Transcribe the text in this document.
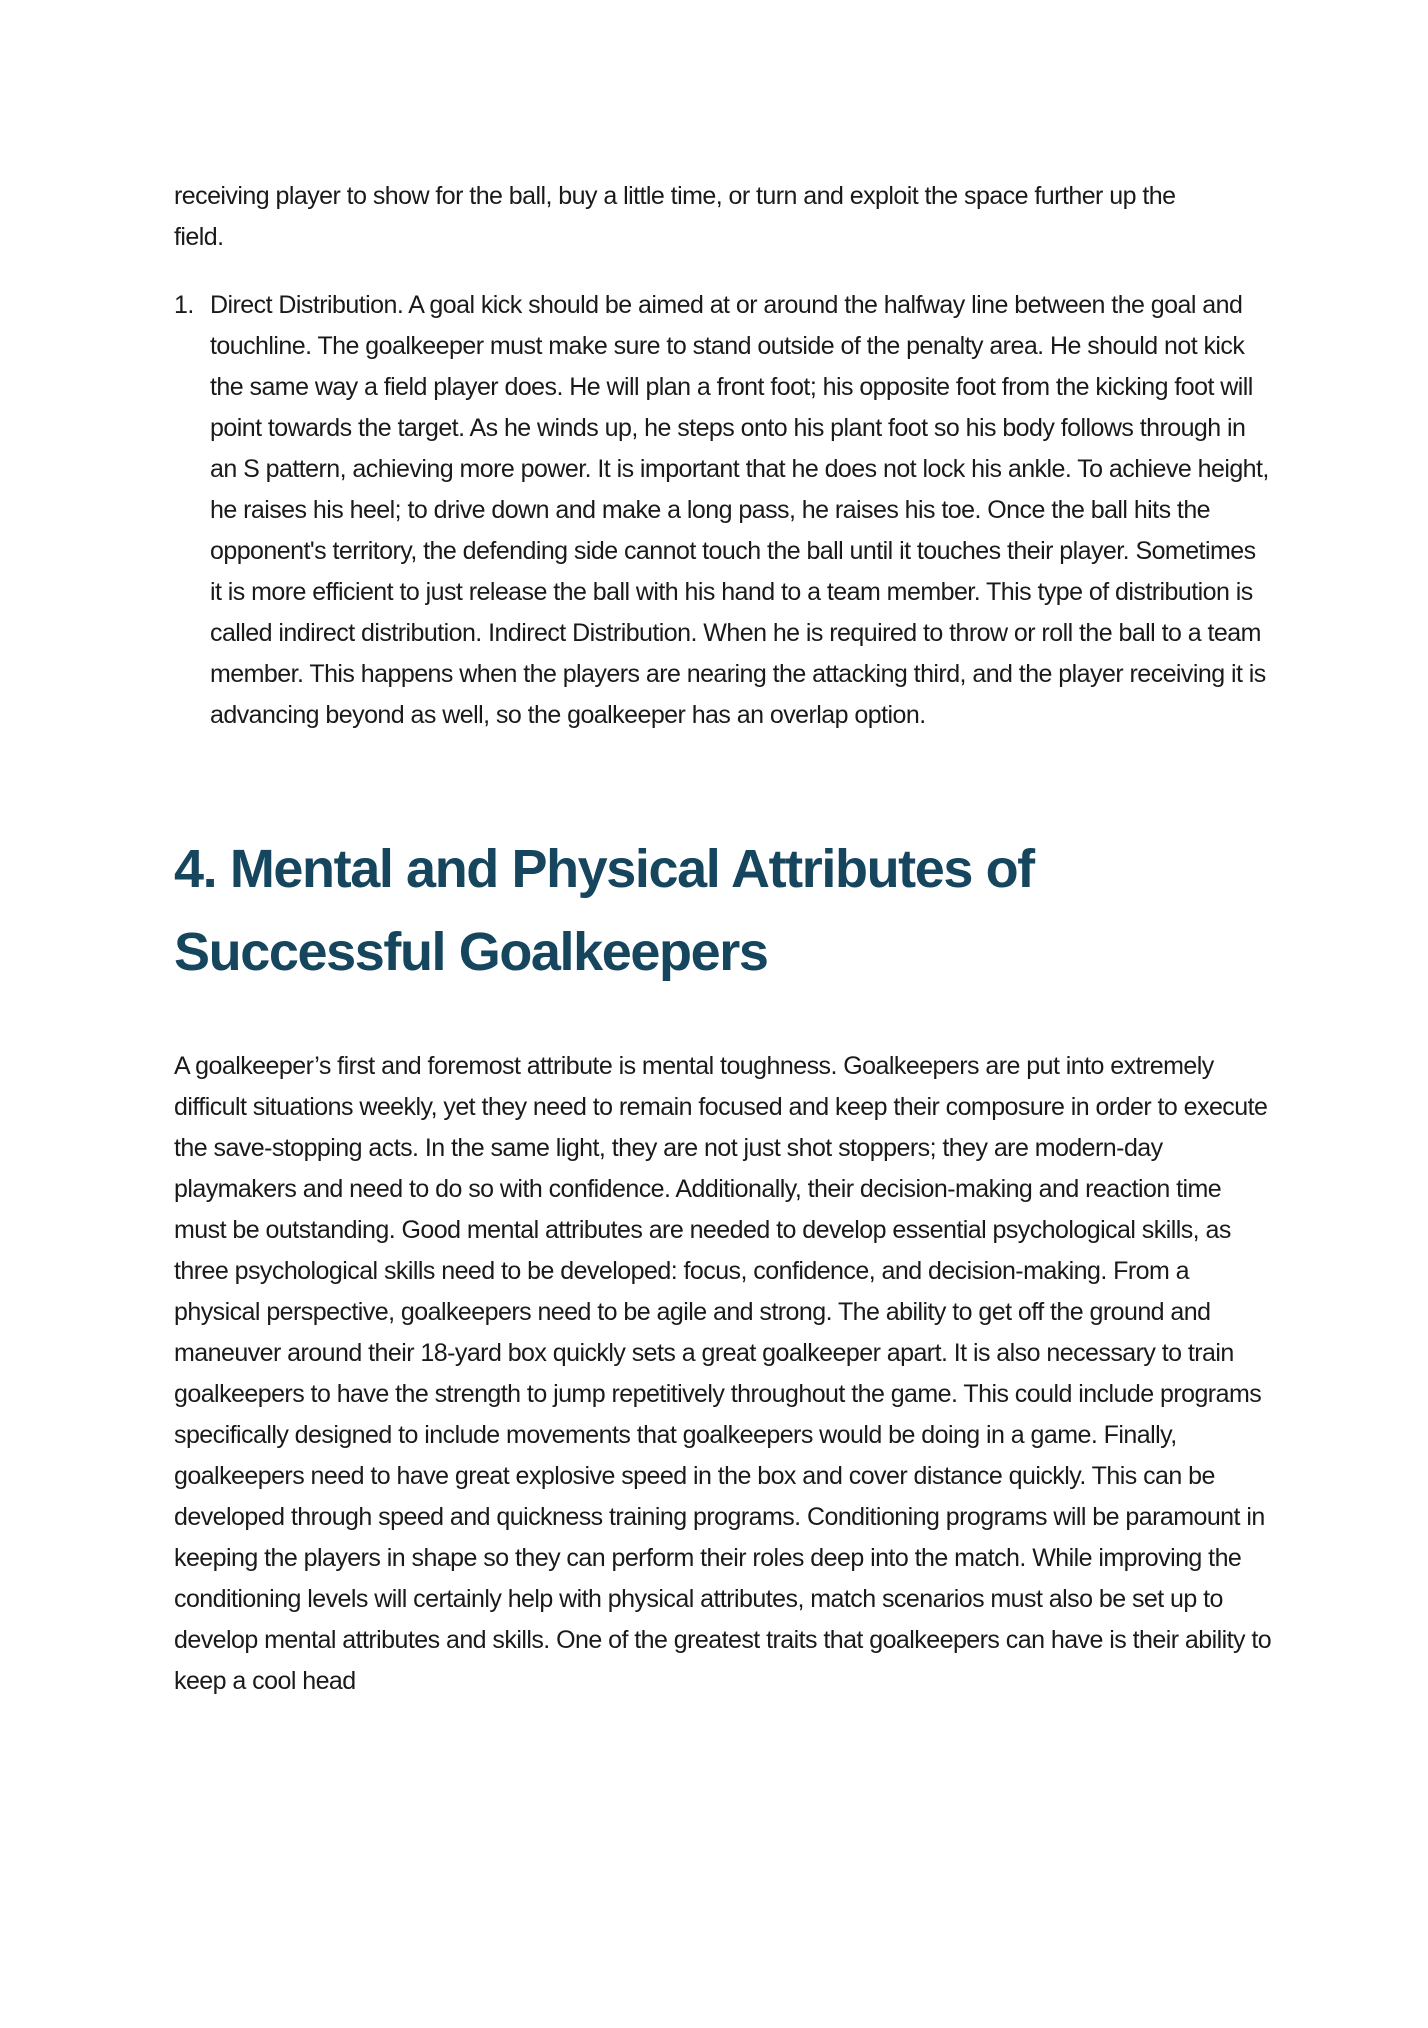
receiving player to show for the ball, buy a little time, or turn and exploit the space further up the field.

1. Direct Distribution. A goal kick should be aimed at or around the halfway line between the goal and touchline. The goalkeeper must make sure to stand outside of the penalty area. He should not kick the same way a field player does. He will plan a front foot; his opposite foot from the kicking foot will point towards the target. As he winds up, he steps onto his plant foot so his body follows through in an S pattern, achieving more power. It is important that he does not lock his ankle. To achieve height, he raises his heel; to drive down and make a long pass, he raises his toe. Once the ball hits the opponent's territory, the defending side cannot touch the ball until it touches their player. Sometimes it is more efficient to just release the ball with his hand to a team member. This type of distribution is called indirect distribution. Indirect Distribution. When he is required to throw or roll the ball to a team member. This happens when the players are nearing the attacking third, and the player receiving it is advancing beyond as well, so the goalkeeper has an overlap option.
4. Mental and Physical Attributes of Successful Goalkeepers

A goalkeeper’s first and foremost attribute is mental toughness. Goalkeepers are put into extremely difficult situations weekly, yet they need to remain focused and keep their composure in order to execute the save-stopping acts. In the same light, they are not just shot stoppers; they are modern-day playmakers and need to do so with confidence. Additionally, their decision-making and reaction time must be outstanding. Good mental attributes are needed to develop essential psychological skills, as three psychological skills need to be developed: focus, confidence, and decision-making. From a physical perspective, goalkeepers need to be agile and strong. The ability to get off the ground and maneuver around their 18-yard box quickly sets a great goalkeeper apart. It is also necessary to train goalkeepers to have the strength to jump repetitively throughout the game. This could include programs specifically designed to include movements that goalkeepers would be doing in a game. Finally, goalkeepers need to have great explosive speed in the box and cover distance quickly. This can be developed through speed and quickness training programs. Conditioning programs will be paramount in keeping the players in shape so they can perform their roles deep into the match. While improving the conditioning levels will certainly help with physical attributes, match scenarios must also be set up to develop mental attributes and skills. One of the greatest traits that goalkeepers can have is their ability to keep a cool head
